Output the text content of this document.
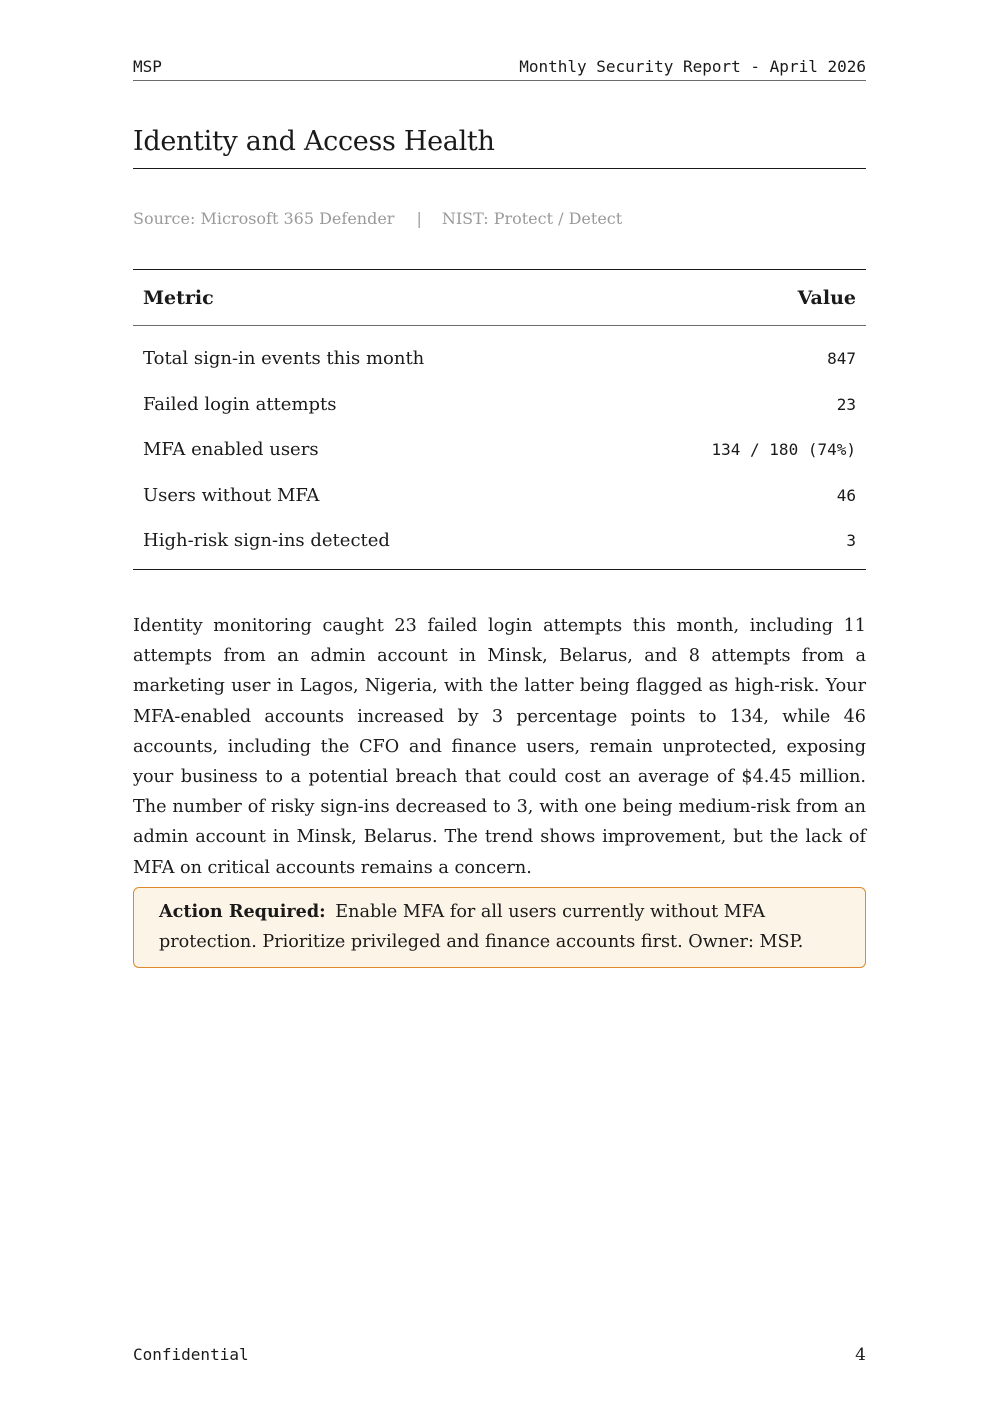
MSP	Monthly Security Report - April 2026
Identity and Access Health
Source: Microsoft 365 Defender | NIST: Protect / Detect
Metric	Value
Total sign-in events this month	847
Failed login attempts	23
MFA enabled users	134 / 180 (74%)
Users without MFA	46
High-risk sign-ins detected	3

Identity monitoring caught 23 failed login attempts this month, including 11 attempts from an admin account in Minsk, Belarus, and 8 attempts from a marketing user in Lagos, Nigeria, with the latter being flagged as high-risk. Your MFA-enabled accounts increased by 3 percentage points to 134, while 46 accounts, including the CFO and finance users, remain unprotected, exposing your business to a potential breach that could cost an average of $4.45 million. The number of risky sign-ins decreased to 3, with one being medium-risk from an admin account in Minsk, Belarus. The trend shows improvement, but the lack of MFA on critical accounts remains a concern.

Action Required: Enable MFA for all users currently without MFA protection. Prioritize privileged and finance accounts first. Owner: MSP.
Confidential	4
